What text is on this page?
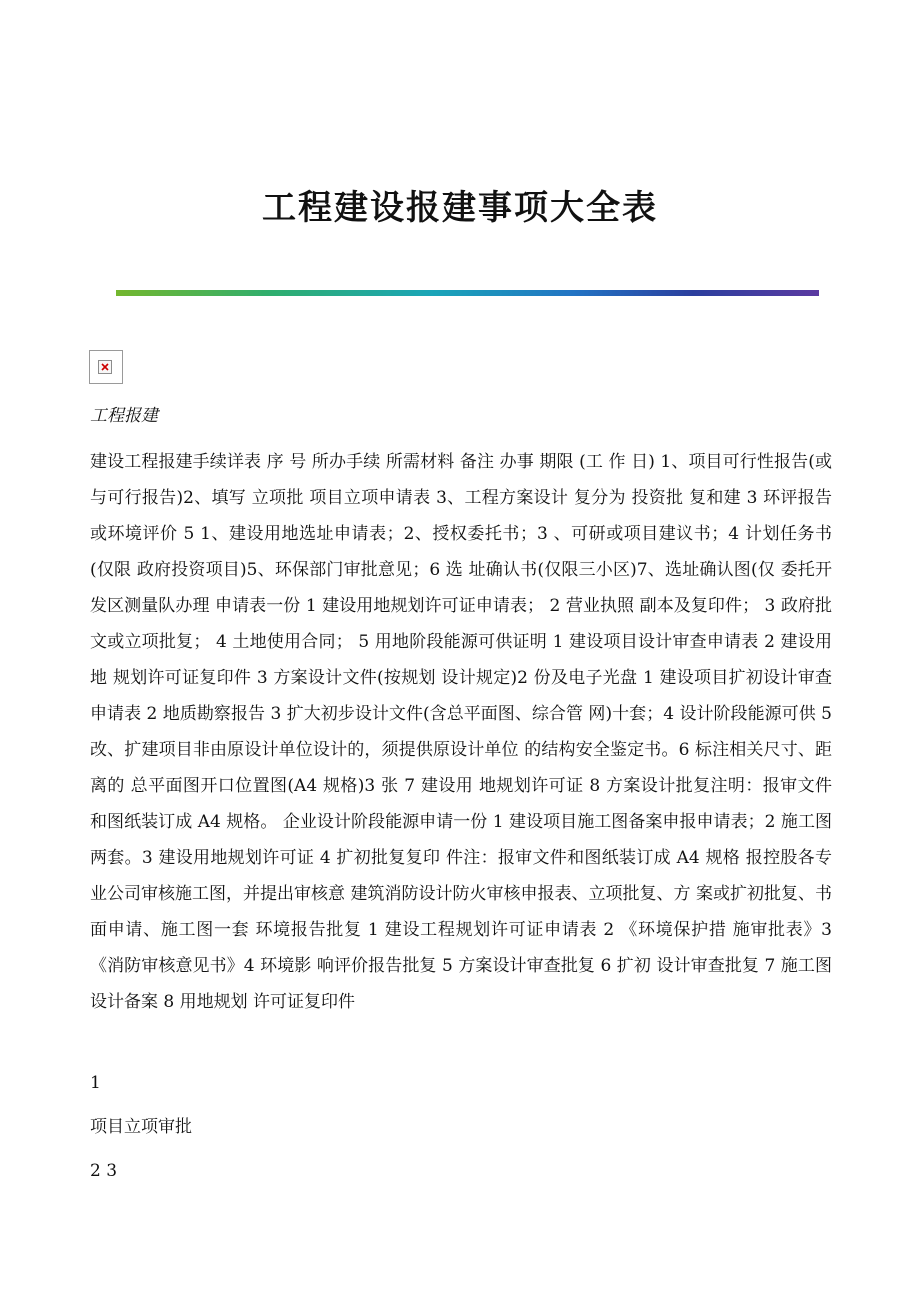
工程建设报建事项大全表

工程报建

建设工程报建手续详表 序 号 所办手续 所需材料 备注 办事 期限 (工 作 日) 1、项目可行性报告(或与可行报告)2、填写 立项批 项目立项申请表 3、工程方案设计 复分为 投资批 复和建 3 环评报告或环境评价 5 1、建设用地选址申请表；2、授权委托书；3 、可研或项目建议书；4 计划任务书(仅限 政府投资项目)5、环保部门审批意见；6 选 址确认书(仅限三小区)7、选址确认图(仅 委托开发区测量队办理 申请表一份 1 建设用地规划许可证申请表； 2 营业执照 副本及复印件； 3 政府批文或立项批复； 4 土地使用合同； 5 用地阶段能源可供证明 1 建设项目设计审查申请表 2 建设用地 规划许可证复印件 3 方案设计文件(按规划 设计规定)2 份及电子光盘 1 建设项目扩初设计审查申请表 2 地质勘察报告 3 扩大初步设计文件(含总平面图、综合管 网)十套；4 设计阶段能源可供 5 改、扩建项目非由原设计单位设计的，须提供原设计单位 的结构安全鉴定书。6 标注相关尺寸、距离的 总平面图开口位置图(A4 规格)3 张 7 建设用 地规划许可证 8 方案设计批复注明：报审文件 和图纸装订成 A4 规格。 企业设计阶段能源申请一份 1 建设项目施工图备案申报申请表；2 施工图 两套。3 建设用地规划许可证 4 扩初批复复印 件注：报审文件和图纸装订成 A4 规格 报控股各专业公司审核施工图，并提出审核意 建筑消防设计防火审核申报表、立项批复、方 案或扩初批复、书面申请、施工图一套 环境报告批复 1 建设工程规划许可证申请表 2 《环境保护措 施审批表》3 《消防审核意见书》4 环境影 响评价报告批复 5 方案设计审查批复 6 扩初 设计审查批复 7 施工图设计备案 8 用地规划 许可证复印件

1

项目立项审批

2 3
